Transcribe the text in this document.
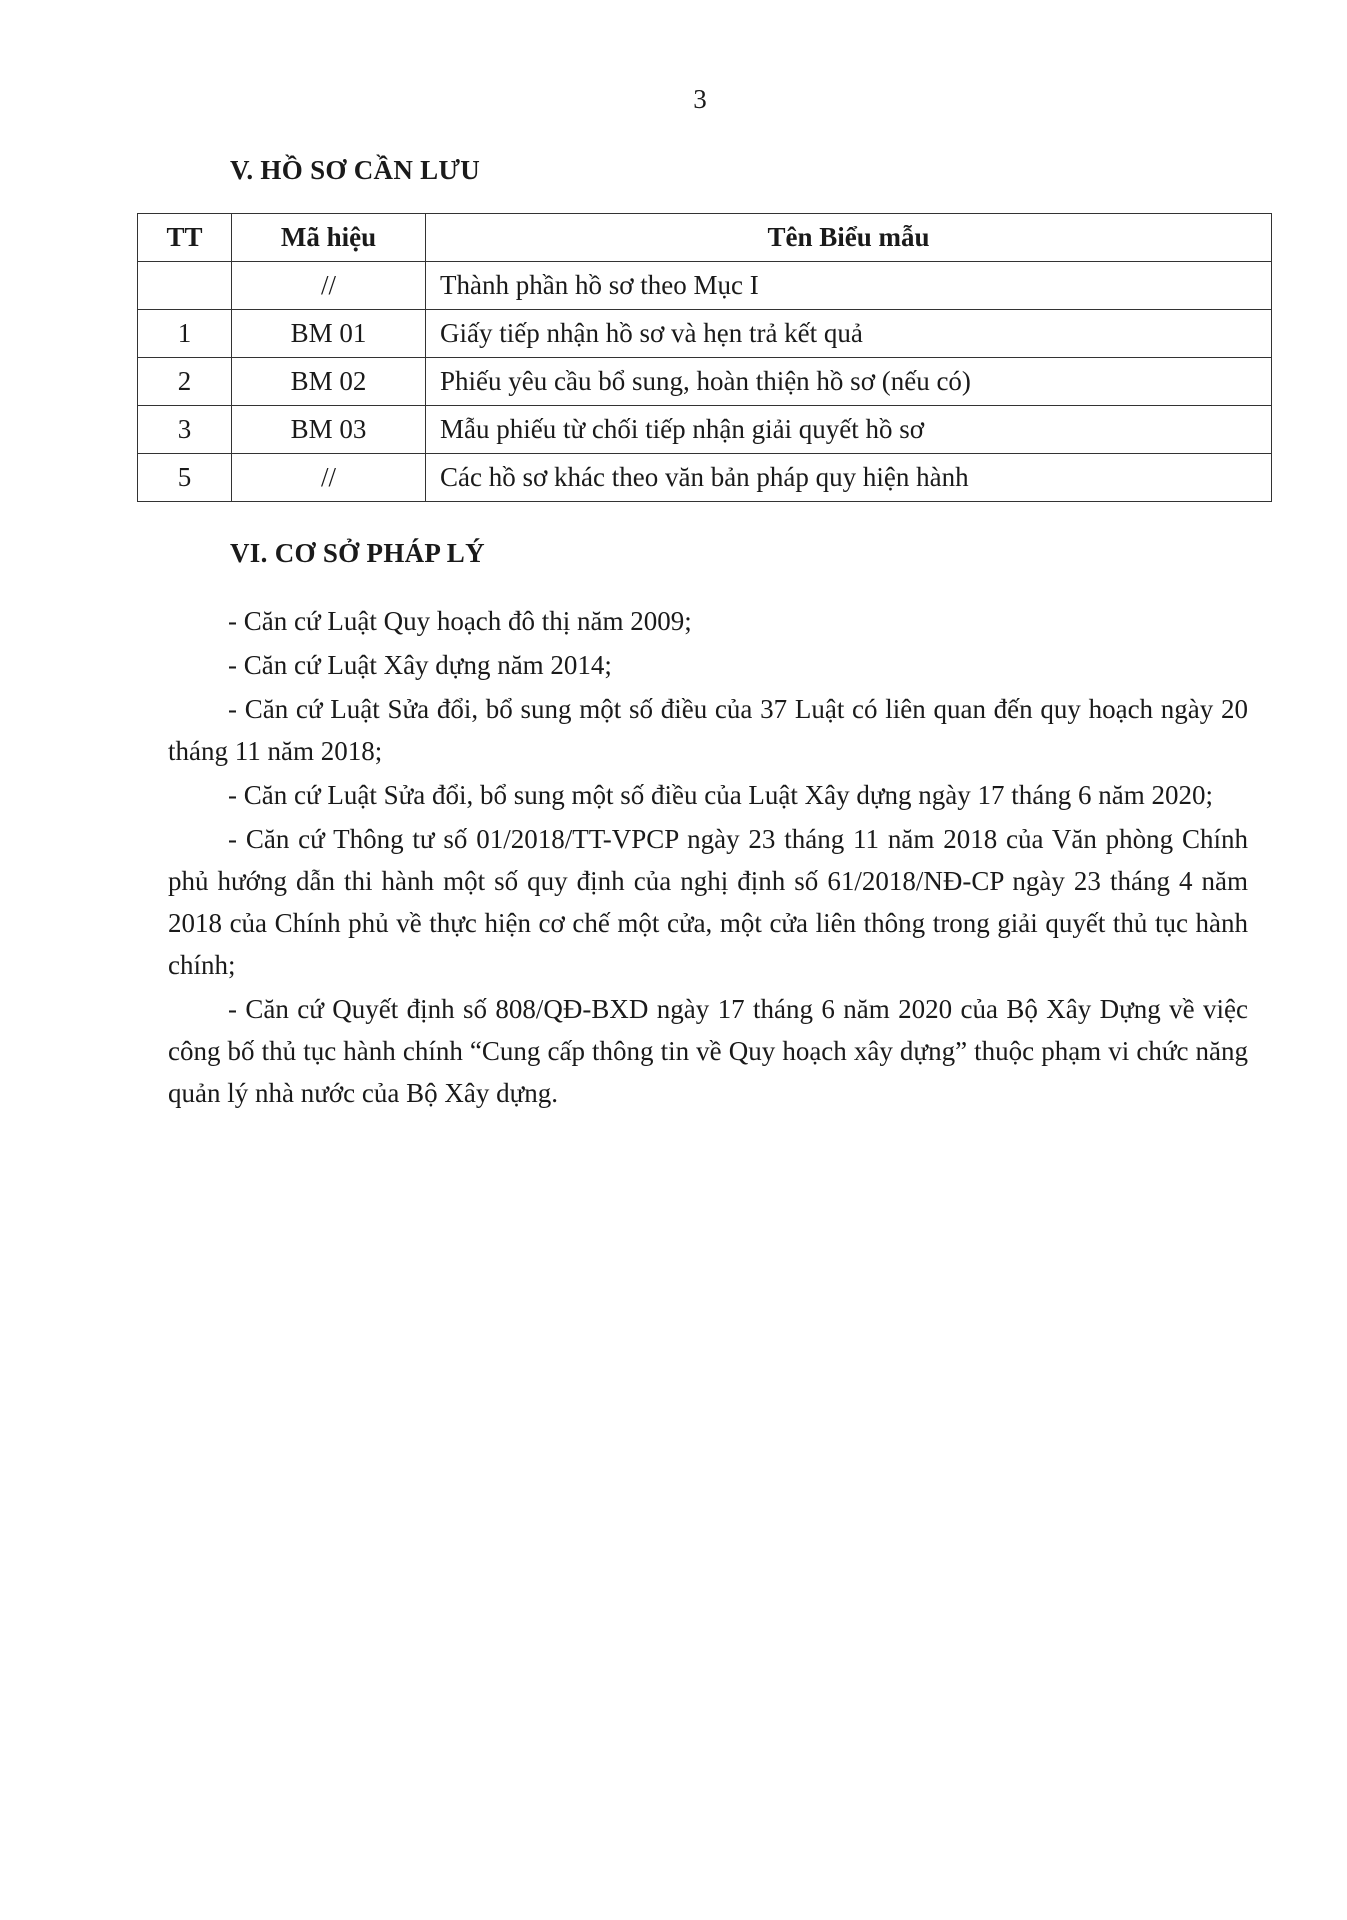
3
V. HỒ SƠ CẦN LƯU
TT	Mã hiệu	Tên Biểu mẫu
	//	Thành phần hồ sơ theo Mục I
1	BM 01	Giấy tiếp nhận hồ sơ và hẹn trả kết quả
2	BM 02	Phiếu yêu cầu bổ sung, hoàn thiện hồ sơ (nếu có)
3	BM 03	Mẫu phiếu từ chối tiếp nhận giải quyết hồ sơ
5	//	Các hồ sơ khác theo văn bản pháp quy hiện hành
VI. CƠ SỞ PHÁP LÝ

- Căn cứ Luật Quy hoạch đô thị năm 2009;

- Căn cứ Luật Xây dựng năm 2014;

- Căn cứ Luật Sửa đổi, bổ sung một số điều của 37 Luật có liên quan đến quy hoạch ngày 20 tháng 11 năm 2018;

- Căn cứ Luật Sửa đổi, bổ sung một số điều của Luật Xây dựng ngày 17 tháng 6 năm 2020;

- Căn cứ Thông tư số 01/2018/TT-VPCP ngày 23 tháng 11 năm 2018 của Văn phòng Chính phủ hướng dẫn thi hành một số quy định của nghị định số 61/2018/NĐ-CP ngày 23 tháng 4 năm 2018 của Chính phủ về thực hiện cơ chế một cửa, một cửa liên thông trong giải quyết thủ tục hành chính;

- Căn cứ Quyết định số 808/QĐ-BXD ngày 17 tháng 6 năm 2020 của Bộ Xây Dựng về việc công bố thủ tục hành chính “Cung cấp thông tin về Quy hoạch xây dựng” thuộc phạm vi chức năng quản lý nhà nước của Bộ Xây dựng.
